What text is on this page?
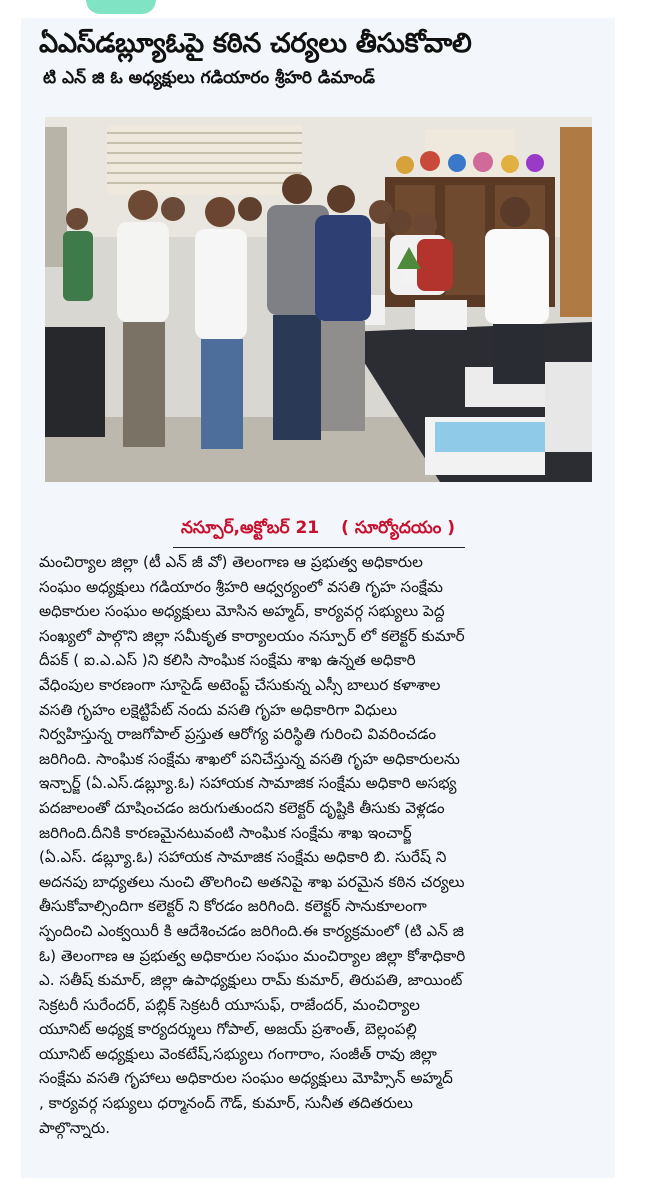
ఏఎస్‌డబ్ల్యూఓపై కఠిన చర్యలు తీసుకోవాలి
టి ఎన్ జి ఓ అధ్యక్షులు గడియారం శ్రీహరి డిమాండ్
నస్పూర్,అక్టోబర్ 21 ( సూర్యోదయం )
మంచిర్యాల జిల్లా (టీ ఎన్ జీ వో) తెలంగాణ ఆ ప్రభుత్వ అధికారుల
సంఘం అధ్యక్షులు గడియారం శ్రీహరి ఆధ్వర్యంలో వసతి గృహ సంక్షేమ
అధికారుల సంఘం అధ్యక్షులు మోసిన అహ్మద్, కార్యవర్గ సభ్యులు పెద్ద
సంఖ్యలో పాల్గొని జిల్లా సమీకృత కార్యాలయం నస్పూర్ లో కలెక్టర్ కుమార్
దీపక్ ( ఐ.ఎ.ఎస్ )ని కలిసి సాంఘిక సంక్షేమ శాఖ ఉన్నత అధికారి
వేధింపుల కారణంగా సూసైడ్ అటెంప్ట్ చేసుకున్న ఎస్సీ బాలుర కళాశాల
వసతి గృహం లక్షెట్టిపేట్ నందు వసతి గృహ అధికారిగా విధులు
నిర్వహిస్తున్న రాజగోపాల్ ప్రస్తుత ఆరోగ్య పరిస్థితి గురించి వివరించడం
జరిగింది. సాంఘిక సంక్షేమ శాఖలో పనిచేస్తున్న వసతి గృహ అధికారులను
ఇన్చార్జ్ (ఏ.ఎస్.డబ్ల్యూ.ఓ) సహాయక సామాజిక సంక్షేమ అధికారి అసభ్య
పదజాలంతో దూషించడం జరుగుతుందని కలెక్టర్ దృష్టికి తీసుకు వెళ్లడం
జరిగింది.దీనికి కారణమైనటువంటి సాంఘిక సంక్షేమ శాఖ ఇంచార్జ్
(ఏ.ఎస్. డబ్ల్యూ.ఓ) సహాయక సామాజిక సంక్షేమ అధికారి బి. సురేష్ ని
అదనపు బాధ్యతలు నుంచి తొలగించి అతనిపై శాఖ పరమైన కఠిన చర్యలు
తీసుకోవాల్సిందిగా కలెక్టర్ ని కోరడం జరిగింది. కలెక్టర్ సానుకూలంగా
స్పందించి ఎంక్వయిరీ కి ఆదేశించడం జరిగింది.ఈ కార్యక్రమంలో (టి ఎన్ జి
ఓ) తెలంగాణ ఆ ప్రభుత్వ అధికారుల సంఘం మంచిర్యాల జిల్లా కోశాధికారి
ఎ. సతీష్ కుమార్, జిల్లా ఉపాధ్యక్షులు రామ్ కుమార్, తిరుపతి, జాయింట్
సెక్రటరీ సురేందర్, పబ్లిక్ సెక్రటరీ యూసుఫ్, రాజేందర్, మంచిర్యాల
యూనిట్ అధ్యక్ష కార్యదర్శులు గోపాల్, అజయ్ ప్రశాంత్, బెల్లంపల్లి
యూనిట్ అధ్యక్షులు వెంకటేష్,సభ్యులు గంగారాం, సంజీత్ రావు జిల్లా
సంక్షేమ వసతి గృహాలు అధికారుల సంఘం అధ్యక్షులు మోహ్సిన్ అహ్మద్
, కార్యవర్గ సభ్యులు ధర్మానంద్ గౌడ్, కుమార్, సునీత తదితరులు
పాల్గొన్నారు.
